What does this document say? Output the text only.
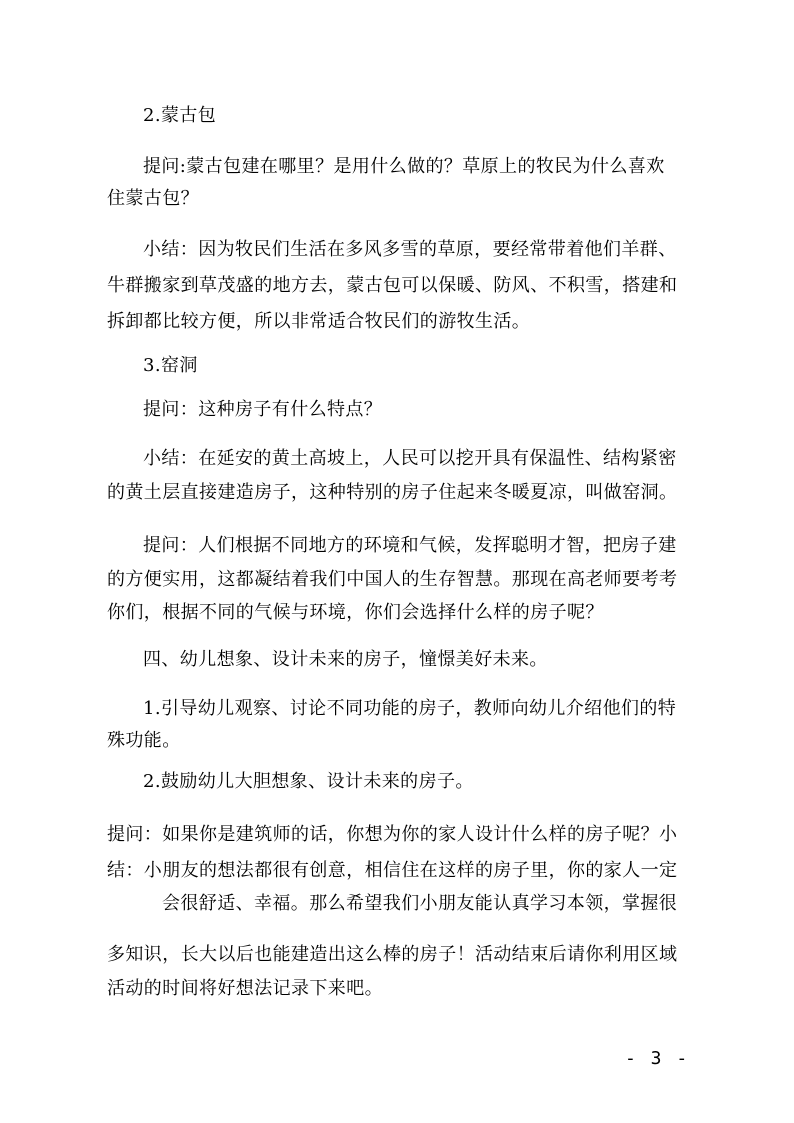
2.蒙古包
提问:蒙古包建在哪里？是用什么做的？草原上的牧民为什么喜欢
住蒙古包？
小结：因为牧民们生活在多风多雪的草原，要经常带着他们羊群、
牛群搬家到草茂盛的地方去，蒙古包可以保暖、防风、不积雪，搭建和
拆卸都比较方便，所以非常适合牧民们的游牧生活。
3.窑洞
提问：这种房子有什么特点？
小结：在延安的黄土高坡上，人民可以挖开具有保温性、结构紧密
的黄土层直接建造房子，这种特别的房子住起来冬暖夏凉，叫做窑洞。
提问：人们根据不同地方的环境和气候，发挥聪明才智，把房子建
的方便实用，这都凝结着我们中国人的生存智慧。那现在高老师要考考
你们，根据不同的气候与环境，你们会选择什么样的房子呢？
四、幼儿想象、设计未来的房子，憧憬美好未来。
1.引导幼儿观察、讨论不同功能的房子，教师向幼儿介绍他们的特
殊功能。
2.鼓励幼儿大胆想象、设计未来的房子。
提问：如果你是建筑师的话，你想为你的家人设计什么样的房子呢？小
结：小朋友的想法都很有创意，相信住在这样的房子里，你的家人一定
会很舒适、幸福。那么希望我们小朋友能认真学习本领，掌握很
多知识，长大以后也能建造出这么棒的房子！活动结束后请你利用区域
活动的时间将好想法记录下来吧。
- 3 -
